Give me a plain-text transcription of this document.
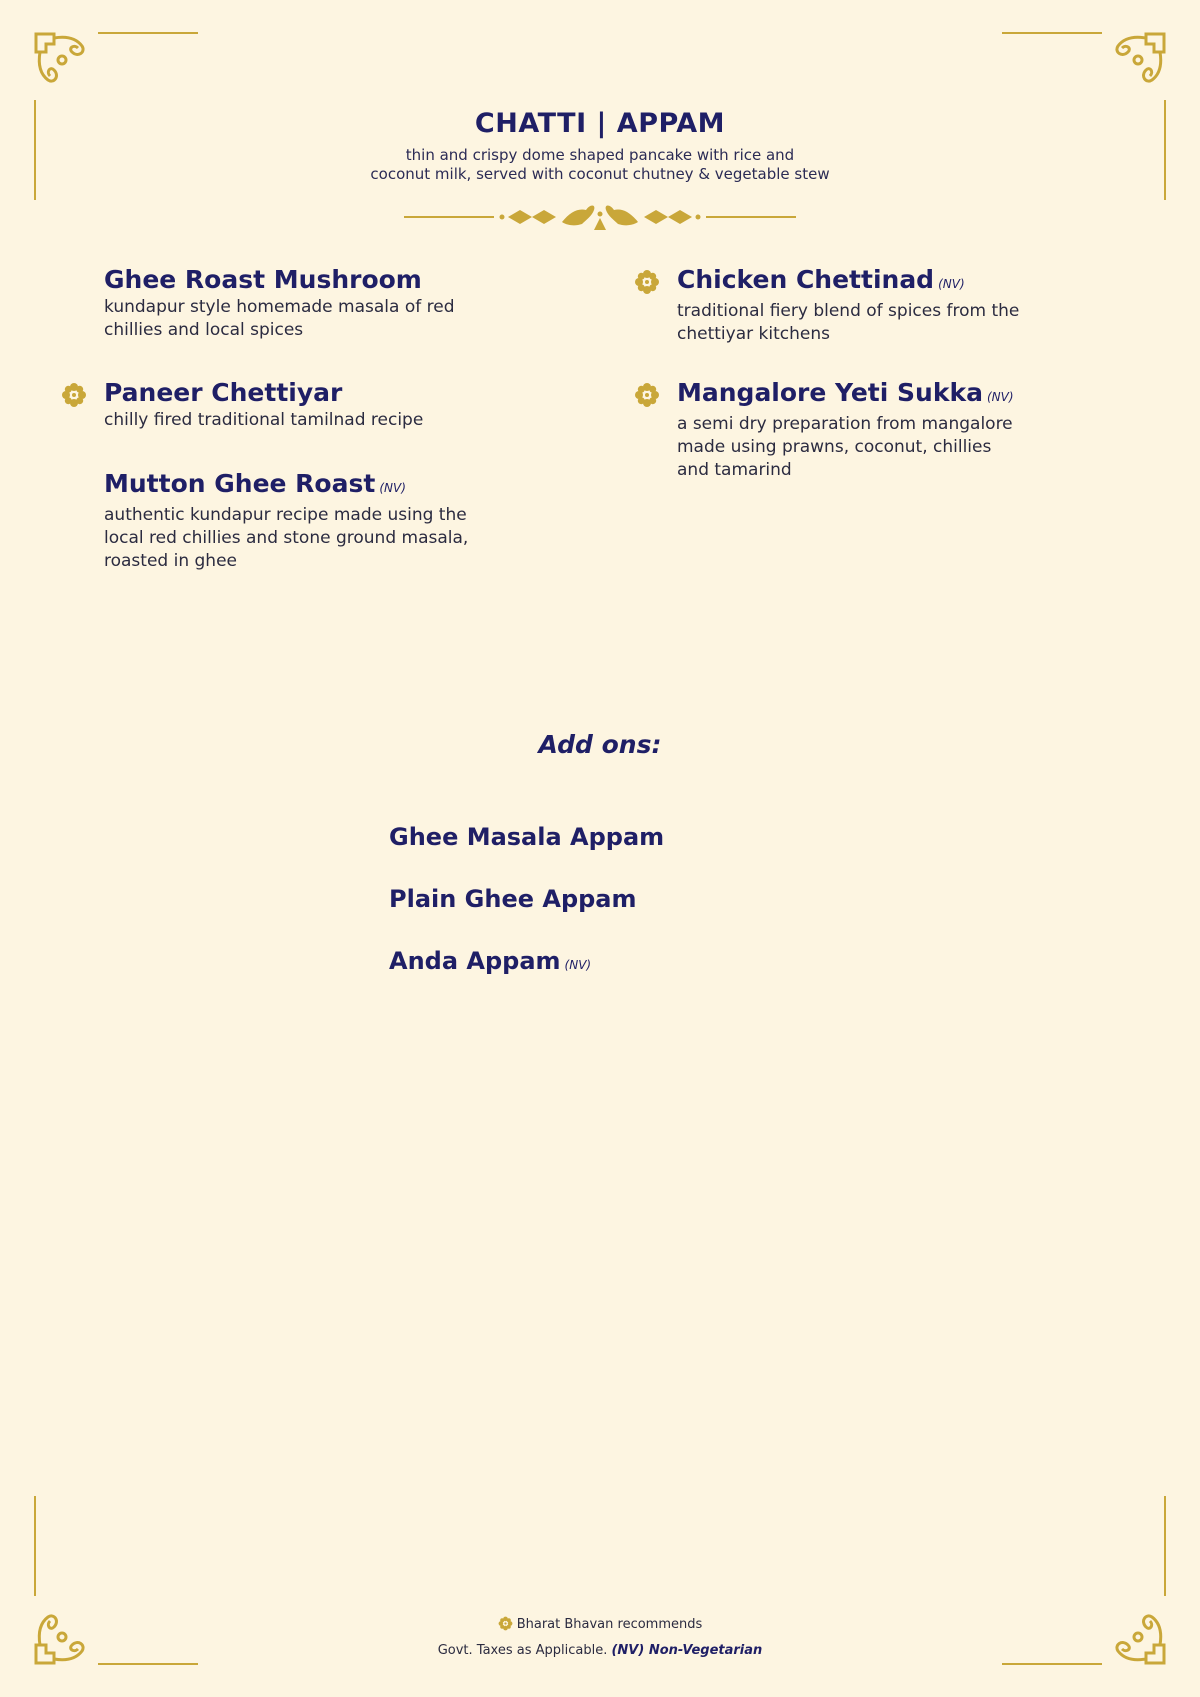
CHATTI | APPAM
thin and crispy dome shaped pancake with rice and
coconut milk, served with coconut chutney & vegetable stew
Ghee Roast Mushroom
kundapur style homemade masala of red
chillies and local spices
Paneer Chettiyar
chilly fired traditional tamilnad recipe
Mutton Ghee Roast (NV)
authentic kundapur recipe made using the
local red chillies and stone ground masala,
roasted in ghee
Chicken Chettinad (NV)
traditional fiery blend of spices from the
chettiyar kitchens
Mangalore Yeti Sukka (NV)
a semi dry preparation from mangalore
made using prawns, coconut, chillies
and tamarind
Add ons:
Ghee Masala Appam
Plain Ghee Appam
Anda Appam (NV)
Bharat Bhavan recommends
Govt. Taxes as Applicable. (NV) Non-Vegetarian
